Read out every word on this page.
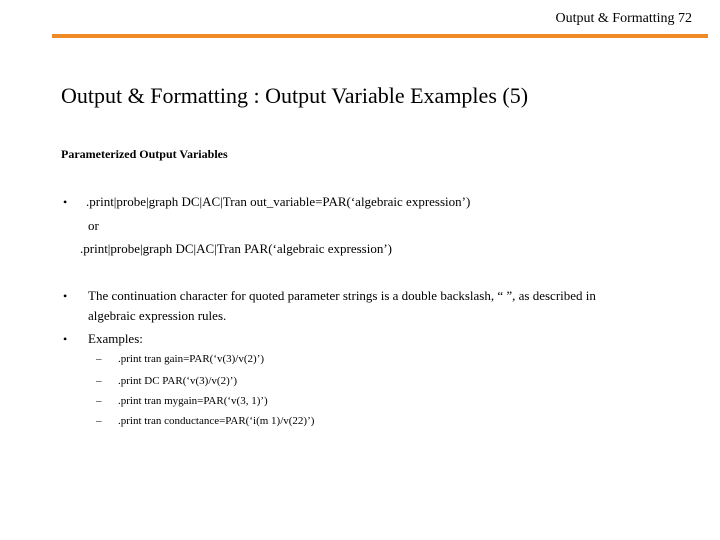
Output & Formatting 72
Output & Formatting : Output Variable Examples (5)
Parameterized Output Variables
• .print|probe|graph DC|AC|Tran out_variable=PAR(‘algebraic expression’)
or
.print|probe|graph DC|AC|Tran PAR(‘algebraic expression’)
• The continuation character for quoted parameter strings is a double backslash, “ ”, as described in
algebraic expression rules.
• Examples:
– .print tran gain=PAR(‘v(3)/v(2)’)
– .print DC PAR(‘v(3)/v(2)’)
– .print tran mygain=PAR(‘v(3, 1)’)
– .print tran conductance=PAR(‘i(m 1)/v(22)’)
